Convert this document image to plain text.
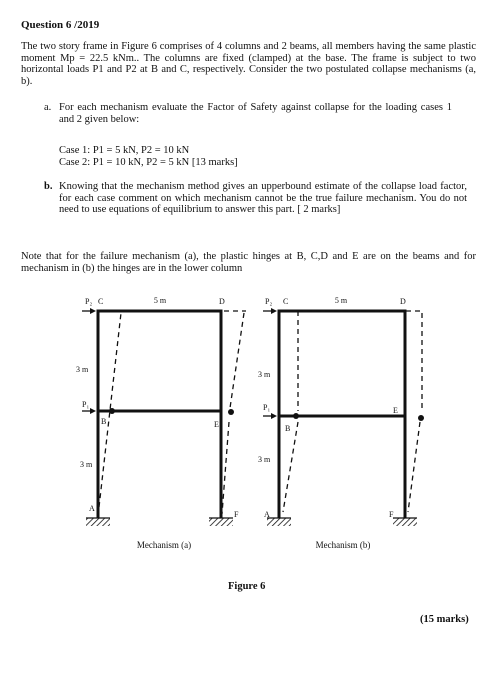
Question 6 /2019
The two story frame in Figure 6 comprises of 4 columns and 2 beams, all members having the same plastic moment Mp = 22.5 kNm.. The columns are fixed (clamped) at the base. The frame is subject to two horizontal loads P1 and P2 at B and C, respectively. Consider the two postulated collapse mechanisms (a, b).
a. For each mechanism evaluate the Factor of Safety against collapse for the loading cases 1 and 2 given below:
Case 1: P1 = 5 kN, P2 = 10 kN
Case 2: P1 = 10 kN, P2 = 5 kN [13 marks]
b. Knowing that the mechanism method gives an upperbound estimate of the collapse load factor, for each case comment on which mechanism cannot be the true failure mechanism. You do not need to use equations of equilibrium to answer this part. [ 2 marks]
Note that for the failure mechanism (a), the plastic hinges at B, C,D and E are on the beams and for mechanism in (b) the hinges are in the lower column
Figure 6
(15 marks)
P₂ C	5 m	D
3 m
P₁
B	E
3 m
A
F
Mechanism (a)
P₂ C	5 m	D
3 m
P₁
B
E
3 m
A	F
Mechanism (b)
